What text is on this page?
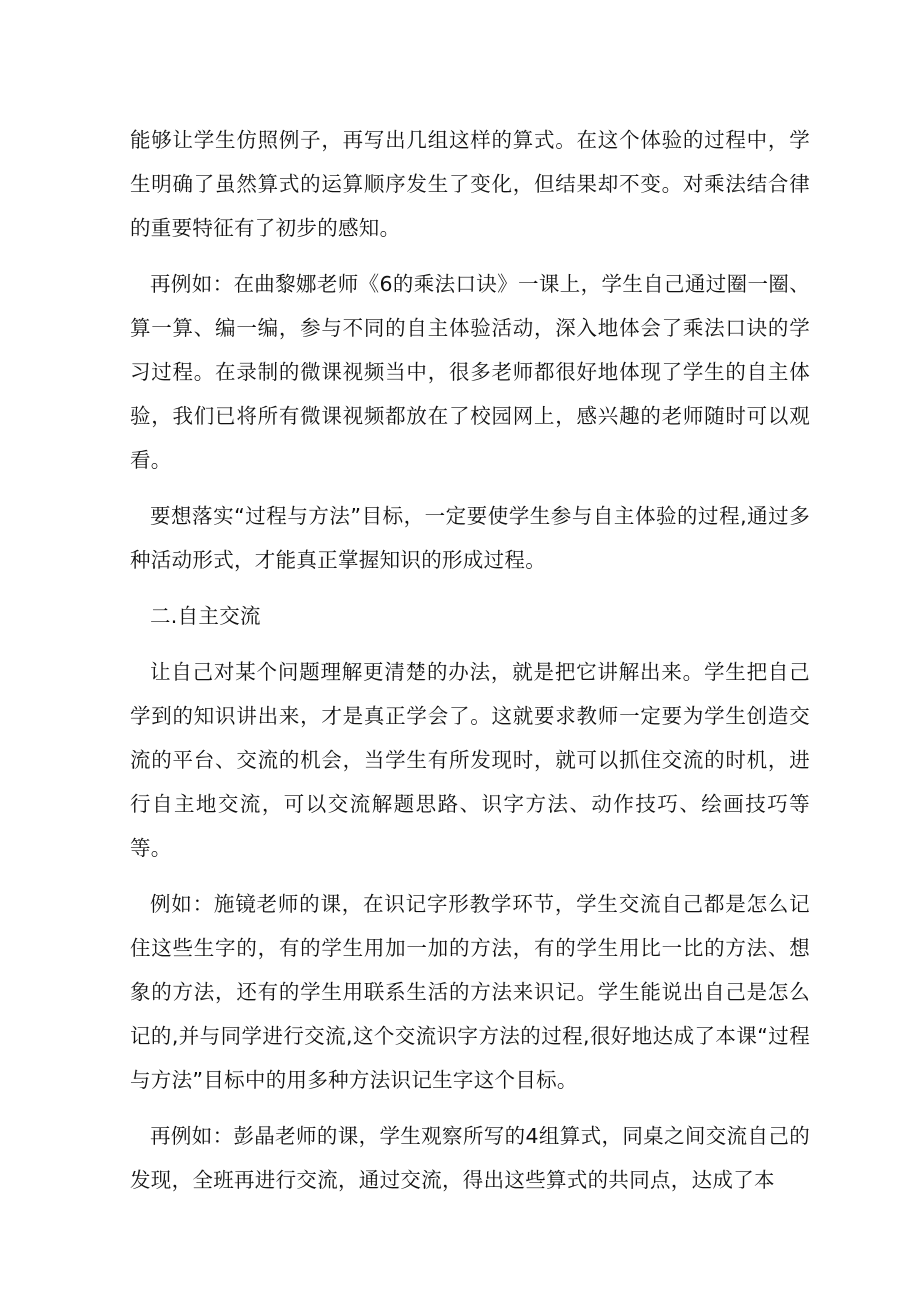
能够让学生仿照例子，再写出几组这样的算式。在这个体验的过程中，学生明确了虽然算式的运算顺序发生了变化，但结果却不变。对乘法结合律的重要特征有了初步的感知。

再例如：在曲黎娜老师《6的乘法口诀》一课上，学生自己通过圈一圈、算一算、编一编，参与不同的自主体验活动，深入地体会了乘法口诀的学习过程。在录制的微课视频当中，很多老师都很好地体现了学生的自主体验，我们已将所有微课视频都放在了校园网上，感兴趣的老师随时可以观看。

要想落实“过程与方法”目标，一定要使学生参与自主体验的过程,通过多种活动形式，才能真正掌握知识的形成过程。

二.自主交流

让自己对某个问题理解更清楚的办法，就是把它讲解出来。学生把自己学到的知识讲出来，才是真正学会了。这就要求教师一定要为学生创造交流的平台、交流的机会，当学生有所发现时，就可以抓住交流的时机，进行自主地交流，可以交流解题思路、识字方法、动作技巧、绘画技巧等等。

例如：施镜老师的课，在识记字形教学环节，学生交流自己都是怎么记住这些生字的，有的学生用加一加的方法，有的学生用比一比的方法、想象的方法，还有的学生用联系生活的方法来识记。学生能说出自己是怎么记的,并与同学进行交流,这个交流识字方法的过程,很好地达成了本课“过程与方法”目标中的用多种方法识记生字这个目标。

再例如：彭晶老师的课，学生观察所写的4组算式，同桌之间交流自己的发现，全班再进行交流，通过交流，得出这些算式的共同点，达成了本
